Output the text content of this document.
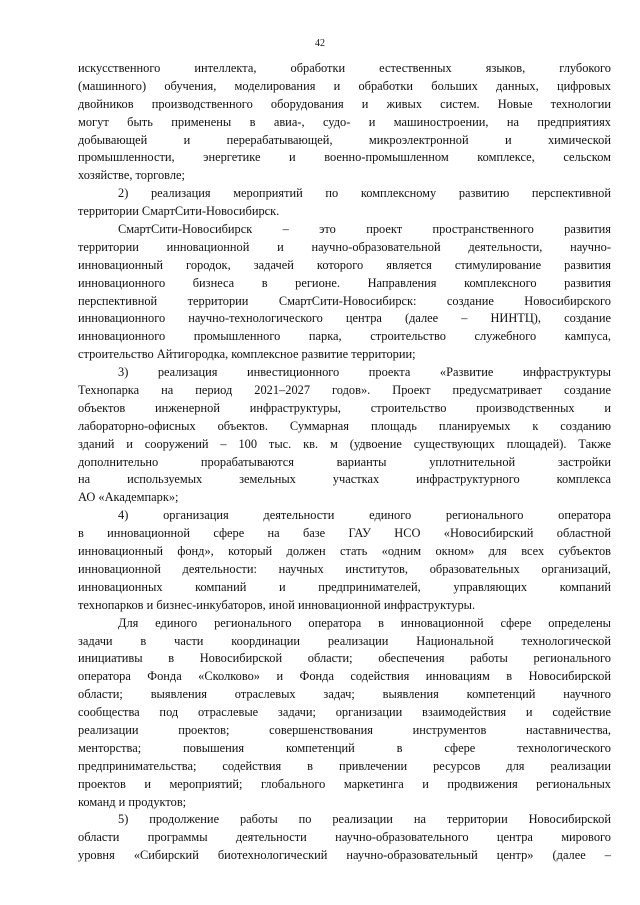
42
искусственного интеллекта, обработки естественных языков, глубокого
(машинного) обучения, моделирования и обработки больших данных, цифровых
двойников производственного оборудования и живых систем. Новые технологии
могут быть применены в авиа-, судо- и машиностроении, на предприятиях
добывающей и перерабатывающей, микроэлектронной и химической
промышленности, энергетике и военно-промышленном комплексе, сельском
хозяйстве, торговле;
2) реализация мероприятий по комплексному развитию перспективной
территории СмартСити-Новосибирск.
СмартСити-Новосибирск – это проект пространственного развития
территории инновационной и научно-образовательной деятельности, научно-
инновационный городок, задачей которого является стимулирование развития
инновационного бизнеса в регионе. Направления комплексного развития
перспективной территории СмартСити-Новосибирск: создание Новосибирского
инновационного научно-технологического центра (далее – НИНТЦ), создание
инновационного промышленного парка, строительство служебного кампуса,
строительство Айтигородка, комплексное развитие территории;
3) реализация инвестиционного проекта «Развитие инфраструктуры
Технопарка на период 2021–2027 годов». Проект предусматривает создание
объектов инженерной инфраструктуры, строительство производственных и
лабораторно-офисных объектов. Суммарная площадь планируемых к созданию
зданий и сооружений – 100 тыс. кв. м (удвоение существующих площадей). Также
дополнительно прорабатываются варианты уплотнительной застройки
на используемых земельных участках инфраструктурного комплекса
АО «Академпарк»;
4) организация деятельности единого регионального оператора
в инновационной сфере на базе ГАУ НСО «Новосибирский областной
инновационный фонд», который должен стать «одним окном» для всех субъектов
инновационной деятельности: научных институтов, образовательных организаций,
инновационных компаний и предпринимателей, управляющих компаний
технопарков и бизнес-инкубаторов, иной инновационной инфраструктуры.
Для единого регионального оператора в инновационной сфере определены
задачи в части координации реализации Национальной технологической
инициативы в Новосибирской области; обеспечения работы регионального
оператора Фонда «Сколково» и Фонда содействия инновациям в Новосибирской
области; выявления отраслевых задач; выявления компетенций научного
сообщества под отраслевые задачи; организации взаимодействия и содействие
реализации проектов; совершенствования инструментов наставничества,
менторства; повышения компетенций в сфере технологического
предпринимательства; содействия в привлечении ресурсов для реализации
проектов и мероприятий; глобального маркетинга и продвижения региональных
команд и продуктов;
5) продолжение работы по реализации на территории Новосибирской
области программы деятельности научно-образовательного центра мирового
уровня «Сибирский биотехнологический научно-образовательный центр» (далее –
